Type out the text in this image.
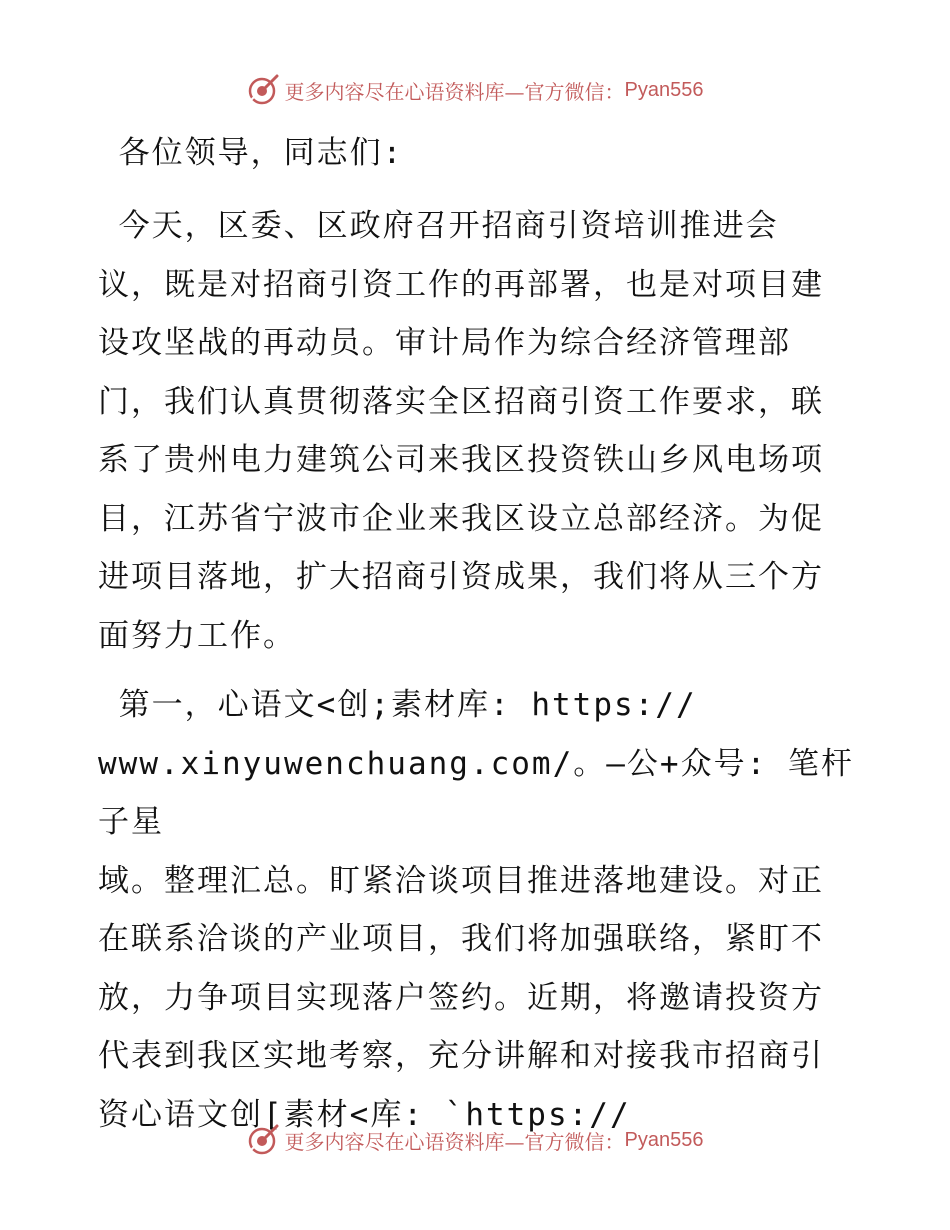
更多内容尽在心语资料库—官方微信： Pyan556

各位领导，同志们:

今天，区委、区政府召开招商引资培训推进会
议，既是对招商引资工作的再部署，也是对项目建
设攻坚战的再动员。审计局作为综合经济管理部
门，我们认真贯彻落实全区招商引资工作要求，联
系了贵州电力建筑公司来我区投资铁山乡风电场项
目，江苏省宁波市企业来我区设立总部经济。为促
进项目落地，扩大招商引资成果，我们将从三个方
面努力工作。

第一，心语文<创;素材库: https://
www.xinyuwenchuang.com/。—公+众号: 笔杆子星
域。整理汇总。盯紧洽谈项目推进落地建设。对正
在联系洽谈的产业项目，我们将加强联络，紧盯不
放，力争项目实现落户签约。近期，将邀请投资方
代表到我区实地考察，充分讲解和对接我市招商引
资心语文创[素材<库: `https://

更多内容尽在心语资料库—官方微信： Pyan556
